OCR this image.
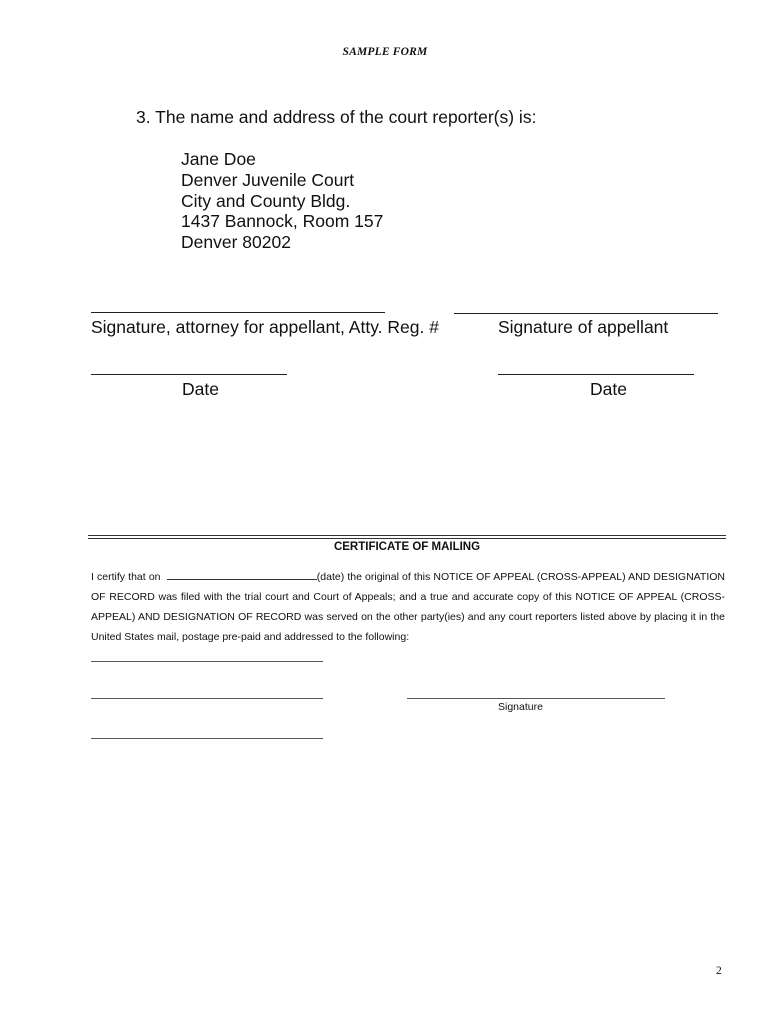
SAMPLE FORM
3. The name and address of the court reporter(s) is:
Jane Doe
Denver Juvenile Court
City and County Bldg.
1437 Bannock, Room 157
Denver 80202
Signature, attorney for appellant, Atty. Reg. #	Signature of appellant
Date	Date
CERTIFICATE OF MAILING
I certify that on	(date) the original of this NOTICE OF APPEAL (CROSS-APPEAL) AND DESIGNATION OF RECORD was filed with the trial court and Court of Appeals; and a true and accurate copy of this NOTICE OF APPEAL (CROSS-APPEAL) AND DESIGNATION OF RECORD was served on the other party(ies) and any court reporters listed above by placing it in the United States mail, postage pre-paid and addressed to the following:
Signature
2
